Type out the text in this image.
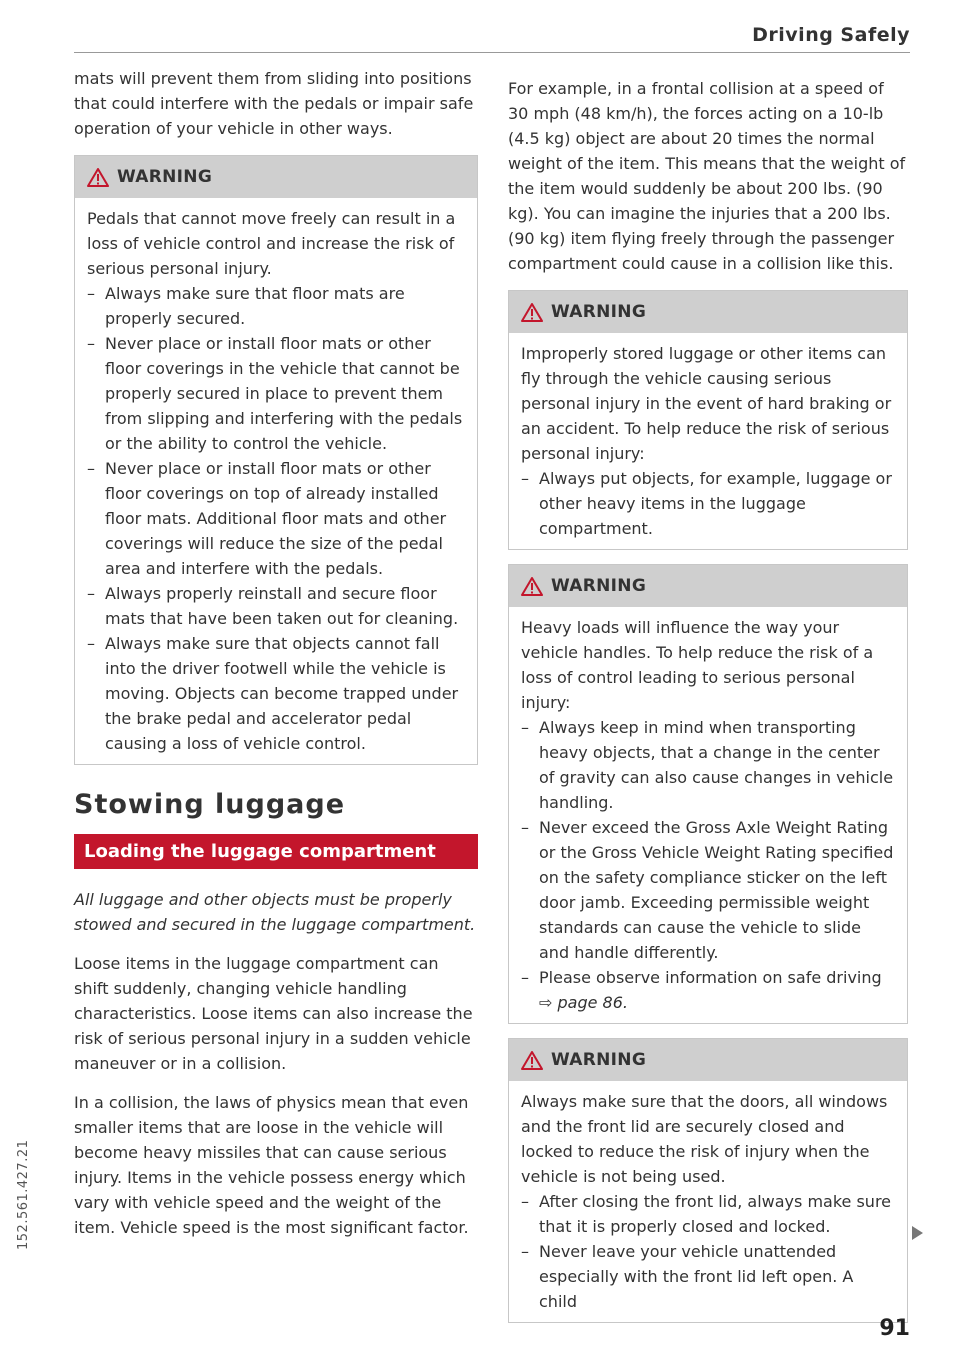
Driving Safely

mats will prevent them from sliding into positions that could interfere with the pedals or impair safe operation of your vehicle in other ways.

WARNING

Pedals that cannot move freely can result in a loss of vehicle control and increase the risk of serious personal injury.

– Always make sure that floor mats are properly secured.
– Never place or install floor mats or other floor coverings in the vehicle that cannot be properly secured in place to prevent them from slipping and interfering with the pedals or the ability to control the vehicle.
– Never place or install floor mats or other floor coverings on top of already installed floor mats. Additional floor mats and other coverings will reduce the size of the pedal area and interfere with the pedals.
– Always properly reinstall and secure floor mats that have been taken out for cleaning.
– Always make sure that objects cannot fall into the driver footwell while the vehicle is moving. Objects can become trapped under the brake pedal and accelerator pedal causing a loss of vehicle control.
Stowing luggage
Loading the luggage compartment

All luggage and other objects must be properly stowed and secured in the luggage compartment.

Loose items in the luggage compartment can shift suddenly, changing vehicle handling characteristics. Loose items can also increase the risk of serious personal injury in a sudden vehicle maneuver or in a collision.

In a collision, the laws of physics mean that even smaller items that are loose in the vehicle will become heavy missiles that can cause serious injury. Items in the vehicle possess energy which vary with vehicle speed and the weight of the item. Vehicle speed is the most significant factor.

For example, in a frontal collision at a speed of 30 mph (48 km/h), the forces acting on a 10-lb (4.5 kg) object are about 20 times the normal weight of the item. This means that the weight of the item would suddenly be about 200 lbs. (90 kg). You can imagine the injuries that a 200 lbs. (90 kg) item flying freely through the passenger compartment could cause in a collision like this.

WARNING

Improperly stored luggage or other items can fly through the vehicle causing serious personal injury in the event of hard braking or an accident. To help reduce the risk of serious personal injury:

– Always put objects, for example, luggage or other heavy items in the luggage compartment.
WARNING

Heavy loads will influence the way your vehicle handles. To help reduce the risk of a loss of control leading to serious personal injury:

– Always keep in mind when transporting heavy objects, that a change in the center of gravity can also cause changes in vehicle handling.
– Never exceed the Gross Axle Weight Rating or the Gross Vehicle Weight Rating specified on the safety compliance sticker on the left door jamb. Exceeding permissible weight standards can cause the vehicle to slide and handle differently.
– Please observe information on safe driving
⇨ page 86.
WARNING

Always make sure that the doors, all windows and the front lid are securely closed and locked to reduce the risk of injury when the vehicle is not being used.

– After closing the front lid, always make sure that it is properly closed and locked.
– Never leave your vehicle unattended especially with the front lid left open. A child
152.561.427.21
91
